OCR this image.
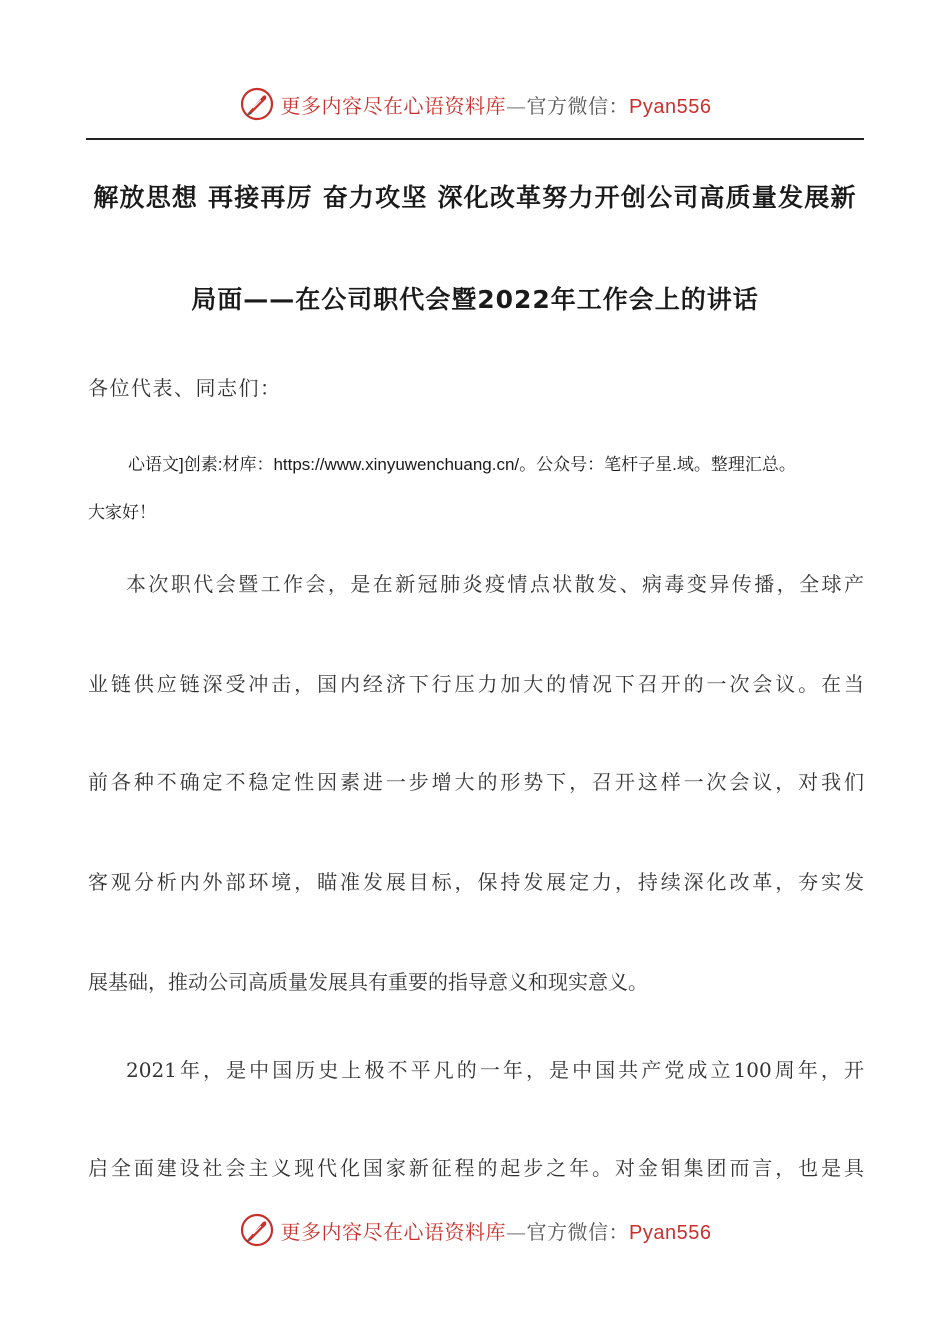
更多内容尽在心语资料库—官方微信：Pyan556
解放思想 再接再厉 奋力攻坚 深化改革努力开创公司高质量发展新
局面——在公司职代会暨2022年工作会上的讲话
各位代表、同志们：
心语文]创素:材库：https://www.xinyuwenchuang.cn/。公众号：笔杆子星.域。整理汇总。
大家好！
本次职代会暨工作会，是在新冠肺炎疫情点状散发、病毒变异传播，全球产
业链供应链深受冲击，国内经济下行压力加大的情况下召开的一次会议。在当
前各种不确定不稳定性因素进一步增大的形势下，召开这样一次会议，对我们
客观分析内外部环境，瞄准发展目标，保持发展定力，持续深化改革，夯实发
展基础，推动公司高质量发展具有重要的指导意义和现实意义。
2021年，是中国历史上极不平凡的一年，是中国共产党成立100周年，开
启全面建设社会主义现代化国家新征程的起步之年。对金钼集团而言，也是具
更多内容尽在心语资料库—官方微信：Pyan556
